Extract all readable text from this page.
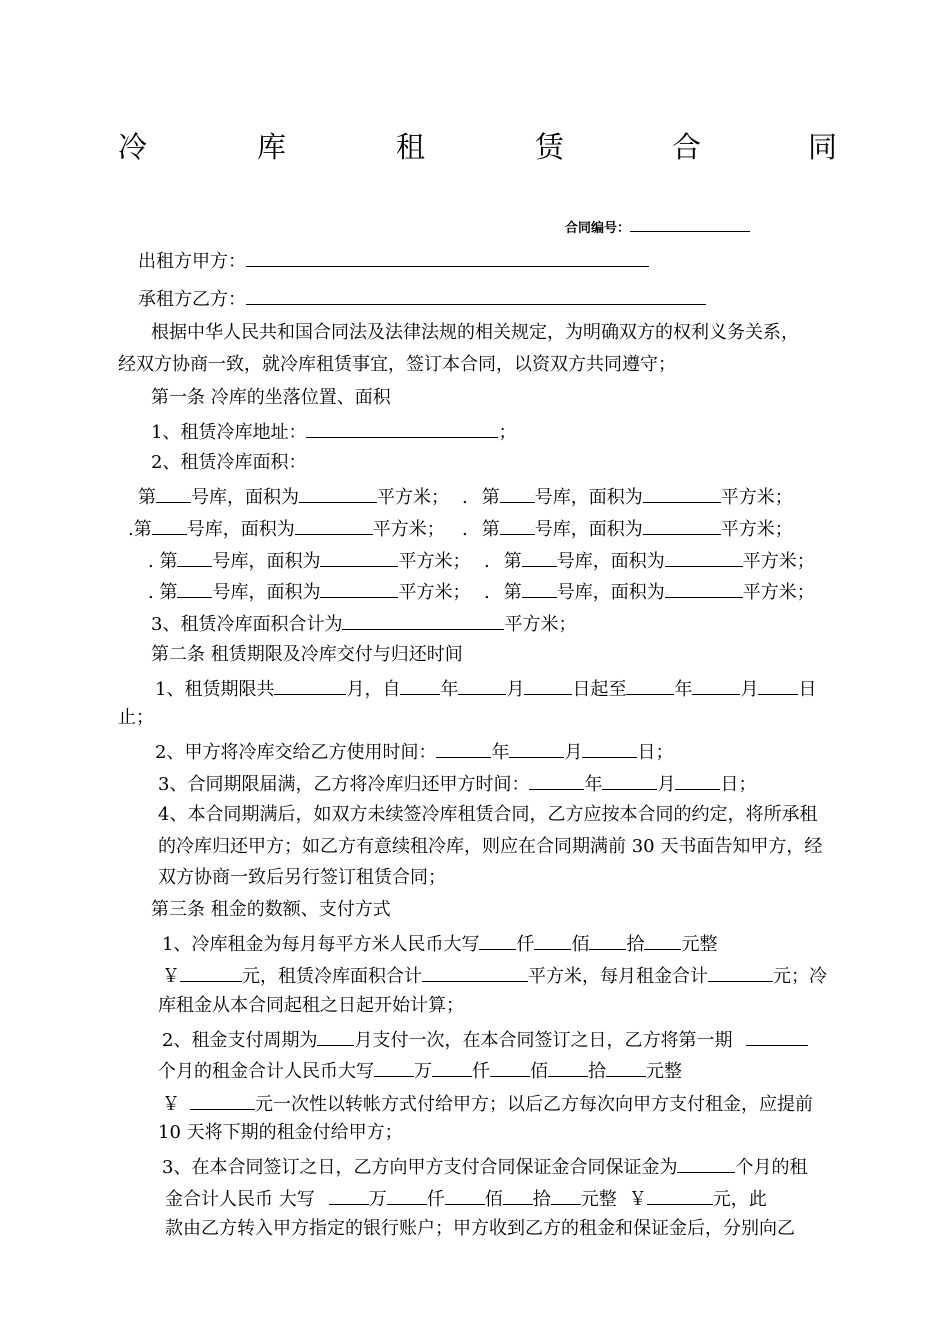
冷	库	租	赁	合	同
合同编号：
出租方甲方：
承租方乙方：
根据中华人民共和国合同法及法律法规的相关规定，为明确双方的权利义务关系，
经双方协商一致，就冷库租赁事宜，签订本合同，以资双方共同遵守；
第一条 冷库的坐落位置、面积
1、租赁冷库地址：	；
2、租赁冷库面积：
第 号库，面积为	平方米； . 第 号库，面积为	平方米；
.第 号库，面积为	平方米； . 第 号库，面积为	平方米；
. 第 号库，面积为	平方米； . 第 号库，面积为	平方米；
. 第 号库，面积为	平方米； . 第 号库，面积为	平方米；
3、租赁冷库面积合计为	平方米；
第二条 租赁期限及冷库交付与归还时间
1、租赁期限共	月，自 年	月	日起至	年	月 日
止；
2、甲方将冷库交给乙方使用时间：	年	月	日；
3、合同期限届满，乙方将冷库归还甲方时间：	年	月	日；
4、本合同期满后，如双方未续签冷库租赁合同，乙方应按本合同的约定，将所承租
的冷库归还甲方；如乙方有意续租冷库，则应在合同期满前 30 天书面告知甲方，经
双方协商一致后另行签订租赁合同；
第三条 租金的数额、支付方式
1、冷库租金为每月每平方米人民币大写 仟 佰 拾 元整
￥	元，租赁冷库面积合计	平方米，每月租金合计	元；冷
库租金从本合同起租之日起开始计算；
2、租金支付周期为 月支付一次，在本合同签订之日，乙方将第一期
个月的租金合计人民币大写 万 仟 佰 拾 元整
￥	元一次性以转帐方式付给甲方；以后乙方每次向甲方支付租金，应提前
10 天将下期的租金付给甲方；
3、在本合同签订之日，乙方向甲方支付合同保证金合同保证金为	个月的租
金合计人民币 大写	万 仟 佰 拾 元整 ￥	元，此
款由乙方转入甲方指定的银行账户；甲方收到乙方的租金和保证金后，分别向乙
